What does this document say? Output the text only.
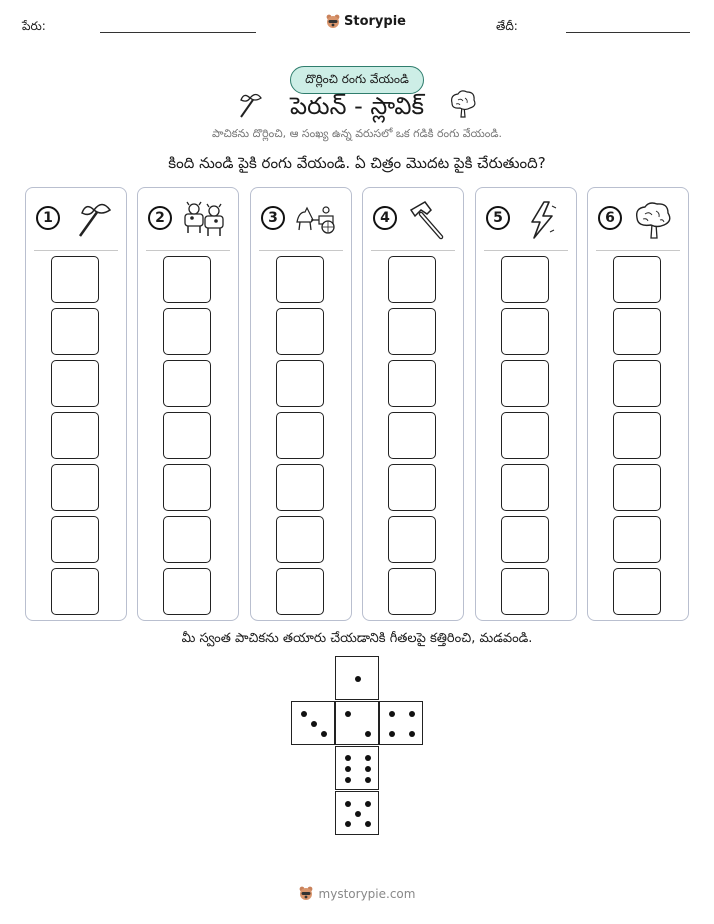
పేరు:	Storypie	తేదీ:
దొర్లించి రంగు వేయండి
పెరున్ - స్లావిక్
పాచికను దొర్లించి, ఆ సంఖ్య ఉన్న వరుసలో ఒక గడికి రంగు వేయండి.
కింది నుండి పైకి రంగు వేయండి. ఏ చిత్రం మొదట పైకి చేరుతుంది?
1	2	3	4	5	6
మీ స్వంత పాచికను తయారు చేయడానికి గీతలపై కత్తిరించి, మడవండి.
mystorypie.com
